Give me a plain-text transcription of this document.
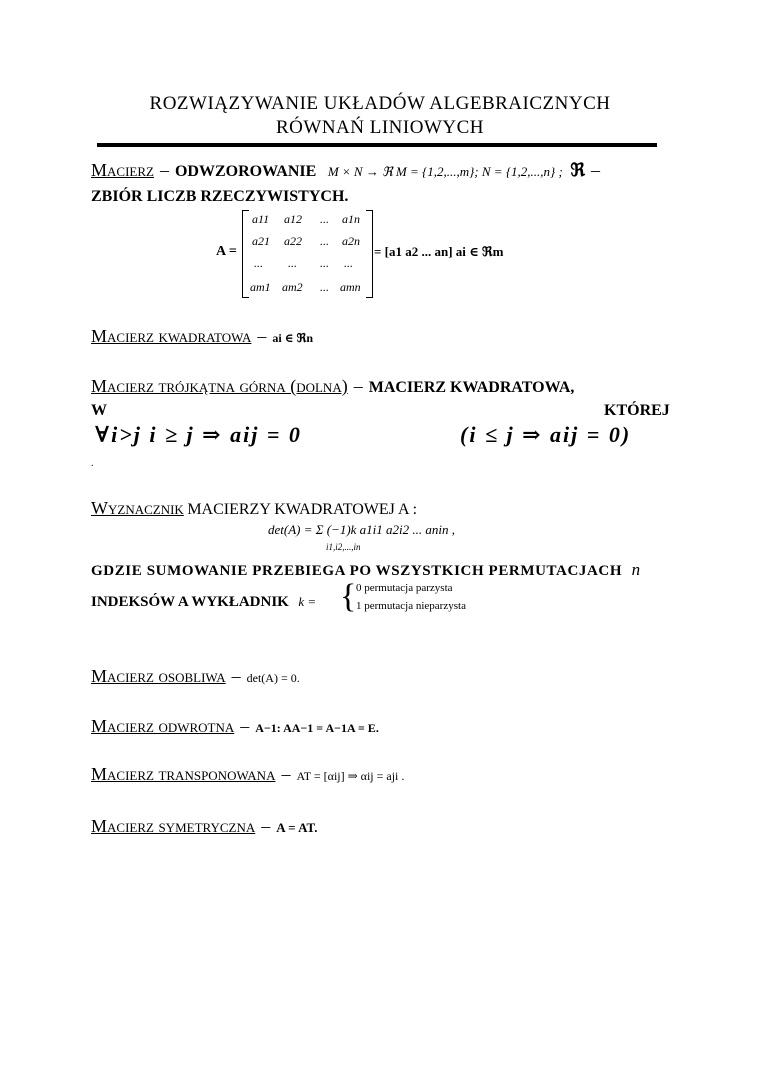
ROZWIĄZYWANIE UKŁADÓW ALGEBRAICZNYCH
RÓWNAŃ LINIOWYCH
Macierz – ODWZOROWANIE M × N → ℜ M = {1,2,...,m}; N = {1,2,...,n} ; ℜ –
ZBIÓR LICZB RZECZYWISTYCH.
A =
a11 a12 ... a1n
a21 a22 ... a2n
... ... ... ...
am1 am2 ... amn
= [a1 a2 ... an] ai ∈ ℜm
Macierz kwadratowa – ai ∈ ℜn
Macierz trójkątna górna (dolna) – MACIERZ KWADRATOWA,
W	KTÓREJ
∀i>j i ≥ j ⇒ aij = 0	(i ≤ j ⇒ aij = 0)
.
Wyznacznik MACIERZY KWADRATOWEJ A :
det(A) = Σ (−1)k a1i1 a2i2 ... anin ,
i1,i2,...,in
GDZIE SUMOWANIE PRZEBIEGA PO WSZYSTKICH PERMUTACJACH n
INDEKSÓW A WYKŁADNIK k = { 0 permutacja parzysta
1 permutacja nieparzysta
Macierz osobliwa – det(A) = 0.
Macierz odwrotna – A−1: AA−1 = A−1A = E.
Macierz transponowana – AT = [αij] ⇒ αij = aji .
Macierz symetryczna – A = AT.
